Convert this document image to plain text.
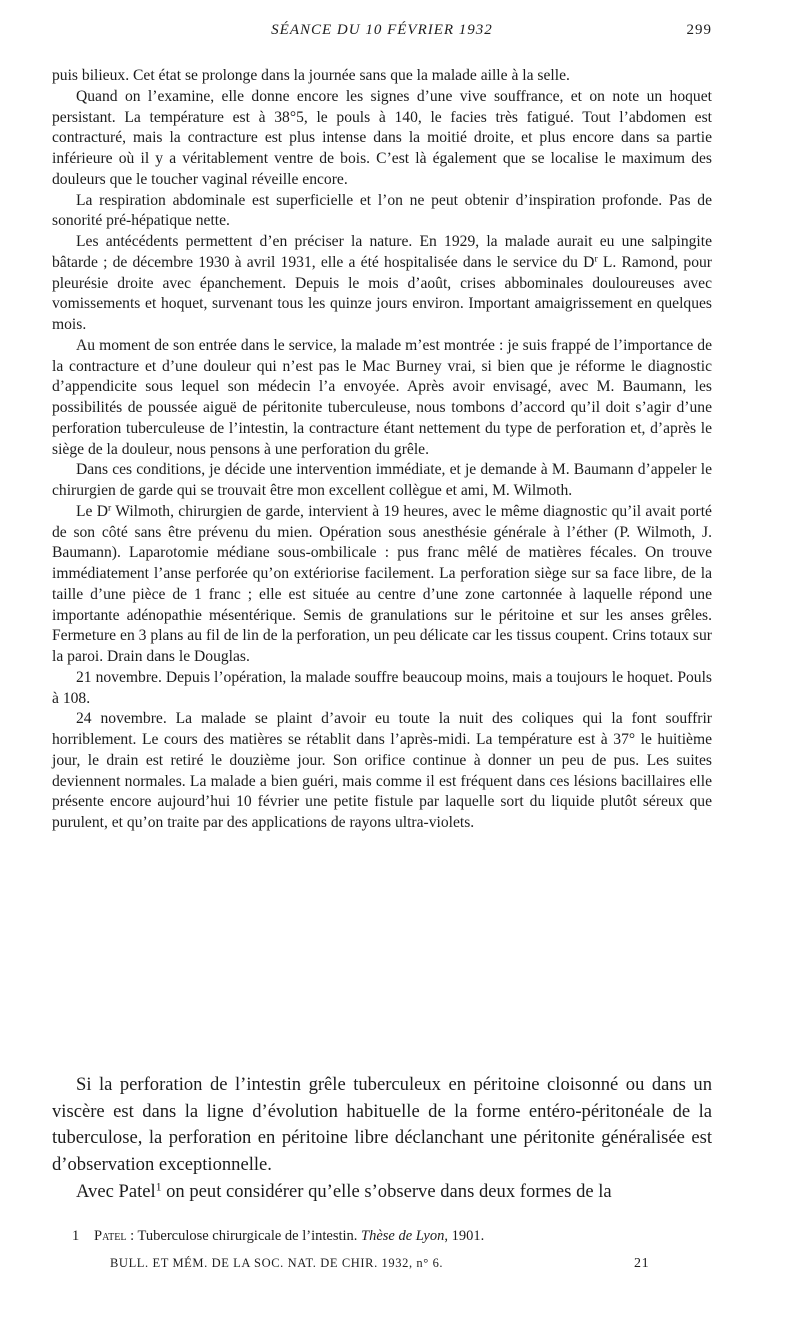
SÉANCE DU 10 FÉVRIER 1932	299

puis bilieux. Cet état se prolonge dans la journée sans que la malade aille à la selle.

Quand on l’examine, elle donne encore les signes d’une vive souffrance, et on note un hoquet persistant. La température est à 38°5, le pouls à 140, le facies très fatigué. Tout l’abdomen est contracturé, mais la contracture est plus intense dans la moitié droite, et plus encore dans sa partie inférieure où il y a véritablement ventre de bois. C’est là également que se localise le maximum des douleurs que le toucher vaginal réveille encore.

La respiration abdominale est superficielle et l’on ne peut obtenir d’inspiration profonde. Pas de sonorité pré-hépatique nette.

Les antécédents permettent d’en préciser la nature. En 1929, la malade aurait eu une salpingite bâtarde ; de décembre 1930 à avril 1931, elle a été hospitalisée dans le service du $D^r$ L. Ramond, pour pleurésie droite avec épanchement. Depuis le mois d’août, crises abbominales douloureuses avec vomissements et hoquet, survenant tous les quinze jours environ. Important amaigrissement en quelques mois.

Au moment de son entrée dans le service, la malade m’est montrée : je suis frappé de l’importance de la contracture et d’une douleur qui n’est pas le Mac Burney vrai, si bien que je réforme le diagnostic d’appendicite sous lequel son médecin l’a envoyée. Après avoir envisagé, avec M. Baumann, les possibilités de poussée aiguë de péritonite tuberculeuse, nous tombons d’accord qu’il doit s’agir d’une perforation tuberculeuse de l’intestin, la contracture étant nettement du type de perforation et, d’après le siège de la douleur, nous pensons à une perforation du grêle.

Dans ces conditions, je décide une intervention immédiate, et je demande à M. Baumann d’appeler le chirurgien de garde qui se trouvait être mon excellent collègue et ami, M. Wilmoth.

Le $D^r$ Wilmoth, chirurgien de garde, intervient à 19 heures, avec le même diagnostic qu’il avait porté de son côté sans être prévenu du mien. Opération sous anesthésie générale à l’éther (P. Wilmoth, J. Baumann). Laparotomie médiane sous-ombilicale : pus franc mêlé de matières fécales. On trouve immédiatement l’anse perforée qu’on extériorise facilement. La perforation siège sur sa face libre, de la taille d’une pièce de 1 franc ; elle est située au centre d’une zone cartonnée à laquelle répond une importante adénopathie mésentérique. Semis de granulations sur le péritoine et sur les anses grêles. Fermeture en 3 plans au fil de lin de la perforation, un peu délicate car les tissus coupent. Crins totaux sur la paroi. Drain dans le Douglas.

21 novembre. Depuis l’opération, la malade souffre beaucoup moins, mais a toujours le hoquet. Pouls à 108.

24 novembre. La malade se plaint d’avoir eu toute la nuit des coliques qui la font souffrir horriblement. Le cours des matières se rétablit dans l’après-midi. La température est à 37° le huitième jour, le drain est retiré le douzième jour. Son orifice continue à donner un peu de pus. Les suites deviennent normales. La malade a bien guéri, mais comme il est fréquent dans ces lésions bacillaires elle présente encore aujourd’hui 10 février une petite fistule par laquelle sort du liquide plutôt séreux que purulent, et qu’on traite par des applications de rayons ultra-violets.

Si la perforation de l’intestin grêle tuberculeux en péritoine cloisonné ou dans un viscère est dans la ligne d’évolution habituelle de la forme entéro-péritonéale de la tuberculose, la perforation en péritoine libre déclanchant une péritonite généralisée est d’observation exceptionnelle.

Avec Patel$^1$ on peut considérer qu’elle s’observe dans deux formes de la

1 Patel : Tuberculose chirurgicale de l’intestin. Thèse de Lyon, 1901.
BULL. ET MÉM. DE LA SOC. NAT. DE CHIR. 1932, n° 6.	21
